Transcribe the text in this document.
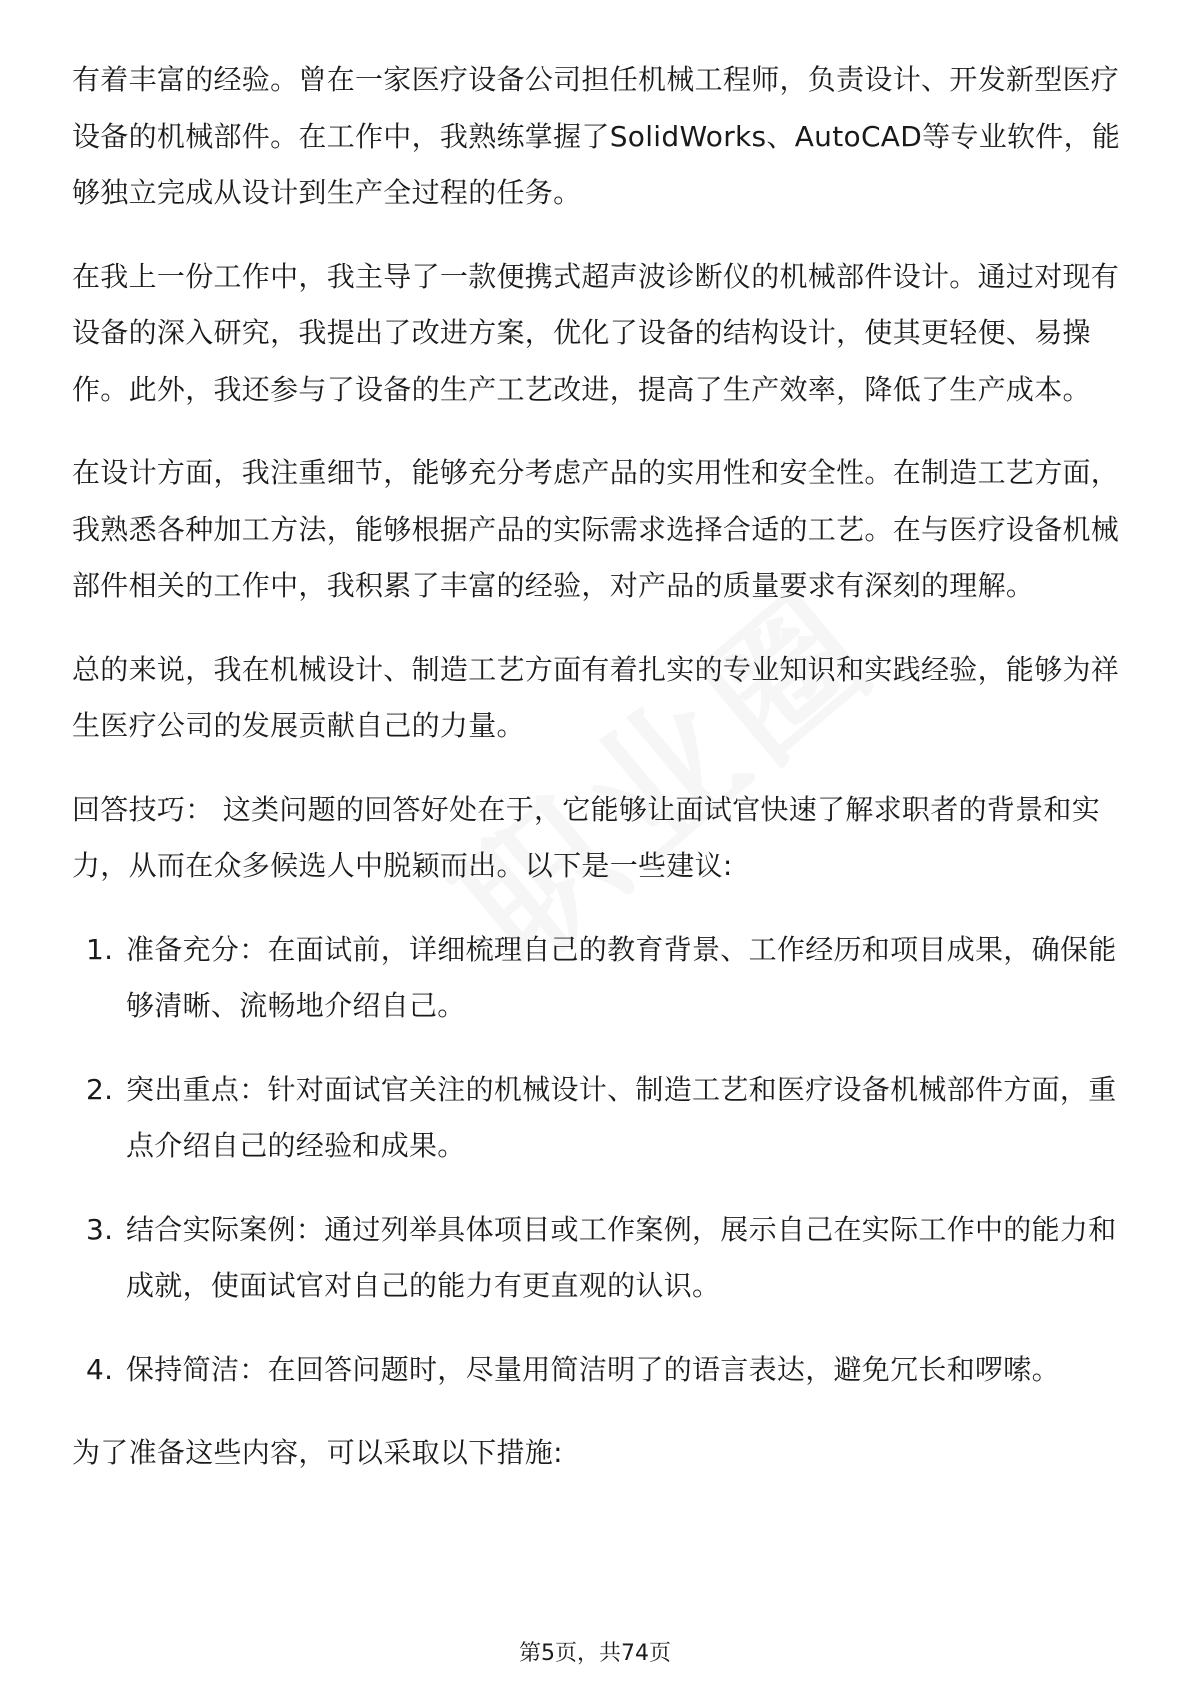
有着丰富的经验。曾在一家医疗设备公司担任机械工程师，负责设计、开发新型医疗设备的机械部件。在工作中，我熟练掌握了SolidWorks、AutoCAD等专业软件，能够独立完成从设计到生产全过程的任务。

在我上一份工作中，我主导了一款便携式超声波诊断仪的机械部件设计。通过对现有设备的深入研究，我提出了改进方案，优化了设备的结构设计，使其更轻便、易操作。此外，我还参与了设备的生产工艺改进，提高了生产效率，降低了生产成本。

在设计方面，我注重细节，能够充分考虑产品的实用性和安全性。在制造工艺方面，我熟悉各种加工方法，能够根据产品的实际需求选择合适的工艺。在与医疗设备机械部件相关的工作中，我积累了丰富的经验，对产品的质量要求有深刻的理解。

总的来说，我在机械设计、制造工艺方面有着扎实的专业知识和实践经验，能够为祥生医疗公司的发展贡献自己的力量。

回答技巧： 这类问题的回答好处在于，它能够让面试官快速了解求职者的背景和实力，从而在众多候选人中脱颖而出。以下是一些建议:

1. 准备充分：在面试前，详细梳理自己的教育背景、工作经历和项目成果，确保能够清晰、流畅地介绍自己。
2. 突出重点：针对面试官关注的机械设计、制造工艺和医疗设备机械部件方面，重点介绍自己的经验和成果。
3. 结合实际案例：通过列举具体项目或工作案例，展示自己在实际工作中的能力和成就，使面试官对自己的能力有更直观的认识。
4. 保持简洁：在回答问题时，尽量用简洁明了的语言表达，避免冗长和啰嗦。

为了准备这些内容，可以采取以下措施:

第5页，共74页
